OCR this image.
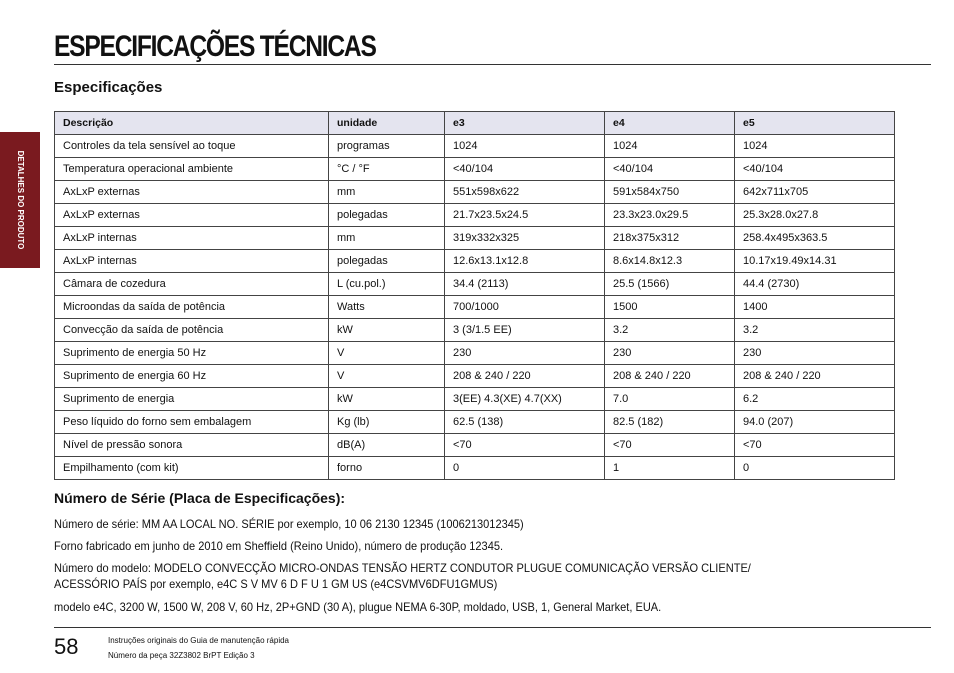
ESPECIFICAÇÕES TÉCNICAS
DETALHES DO PRODUTO
Especificações
Descrição	unidade	e3	e4	e5
Controles da tela sensível ao toque	programas	1024	1024	1024
Temperatura operacional ambiente	°C / °F	<40/104	<40/104	<40/104
AxLxP externas	mm	551x598x622	591x584x750	642x711x705
AxLxP externas	polegadas	21.7x23.5x24.5	23.3x23.0x29.5	25.3x28.0x27.8
AxLxP internas	mm	319x332x325	218x375x312	258.4x495x363.5
AxLxP internas	polegadas	12.6x13.1x12.8	8.6x14.8x12.3	10.17x19.49x14.31
Câmara de cozedura	L (cu.pol.)	34.4 (2113)	25.5 (1566)	44.4 (2730)
Microondas da saída de potência	Watts	700/1000	1500	1400
Convecção da saída de potência	kW	3 (3/1.5 EE)	3.2	3.2
Suprimento de energia 50 Hz	V	230	230	230
Suprimento de energia 60 Hz	V	208 & 240 / 220	208 & 240 / 220	208 & 240 / 220
Suprimento de energia	kW	3(EE) 4.3(XE) 4.7(XX)	7.0	6.2
Peso líquido do forno sem embalagem	Kg (lb)	62.5 (138)	82.5 (182)	94.0 (207)
Nível de pressão sonora	dB(A)	<70	<70	<70
Empilhamento (com kit)	forno	0	1	0
Número de Série (Placa de Especificações):

Número de série: MM AA LOCAL NO. SÉRIE por exemplo, 10 06 2130 12345 (1006213012345)

Forno fabricado em junho de 2010 em Sheffield (Reino Unido), número de produção 12345.

Número do modelo: MODELO CONVECÇÃO MICRO-ONDAS TENSÃO HERTZ CONDUTOR PLUGUE COMUNICAÇÃO VERSÃO CLIENTE/

ACESSÓRIO PAÍS por exemplo, e4C S V MV 6 D F U 1 GM US (e4CSVMV6DFU1GMUS)

modelo e4C, 3200 W, 1500 W, 208 V, 60 Hz, 2P+GND (30 A), plugue NEMA 6-30P, moldado, USB, 1, General Market, EUA.

58	Instruções originais do Guia de manutenção rápida
Número da peça 32Z3802 BrPT Edição 3
